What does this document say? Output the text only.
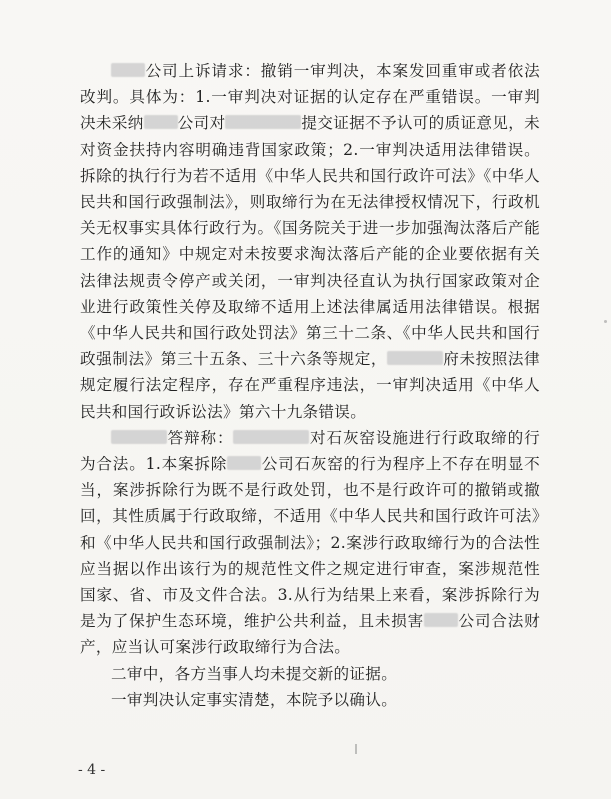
公司上诉请求：撤销一审判决，本案发回重审或者依法改判。具体为：1.一审判决对证据的认定存在严重错误。一审判决未采纳 公司对	提交证据不予认可的质证意见，未对资金扶持内容明确违背国家政策；2.一审判决适用法律错误。拆除的执行行为若不适用《中华人民共和国行政许可法》《中华人民共和国行政强制法》，则取缔行为在无法律授权情况下，行政机关无权事实具体行政行为。《国务院关于进一步加强淘汰落后产能工作的通知》中规定对未按要求淘汰落后产能的企业要依据有关法律法规责令停产或关闭，一审判决径直认为执行国家政策对企业进行政策性关停及取缔不适用上述法律属适用法律错误。根据《中华人民共和国行政处罚法》第三十二条、《中华人民共和国行政强制法》第三十五条、三十六条等规定，	府未按照法律规定履行法定程序，存在严重程序违法，一审判决适用《中华人民共和国行政诉讼法》第六十九条错误。

答辩称：	对石灰窑设施进行行政取缔的行为合法。1.本案拆除 公司石灰窑的行为程序上不存在明显不当，案涉拆除行为既不是行政处罚，也不是行政许可的撤销或撤回，其性质属于行政取缔，不适用《中华人民共和国行政许可法》和《中华人民共和国行政强制法》；2.案涉行政取缔行为的合法性应当据以作出该行为的规范性文件之规定进行审查，案涉规范性国家、省、市及文件合法。3.从行为结果上来看，案涉拆除行为是为了保护生态环境，维护公共利益，且未损害 公司合法财产，应当认可案涉行政取缔行为合法。

二审中，各方当事人均未提交新的证据。

一审判决认定事实清楚，本院予以确认。

- 4 -
